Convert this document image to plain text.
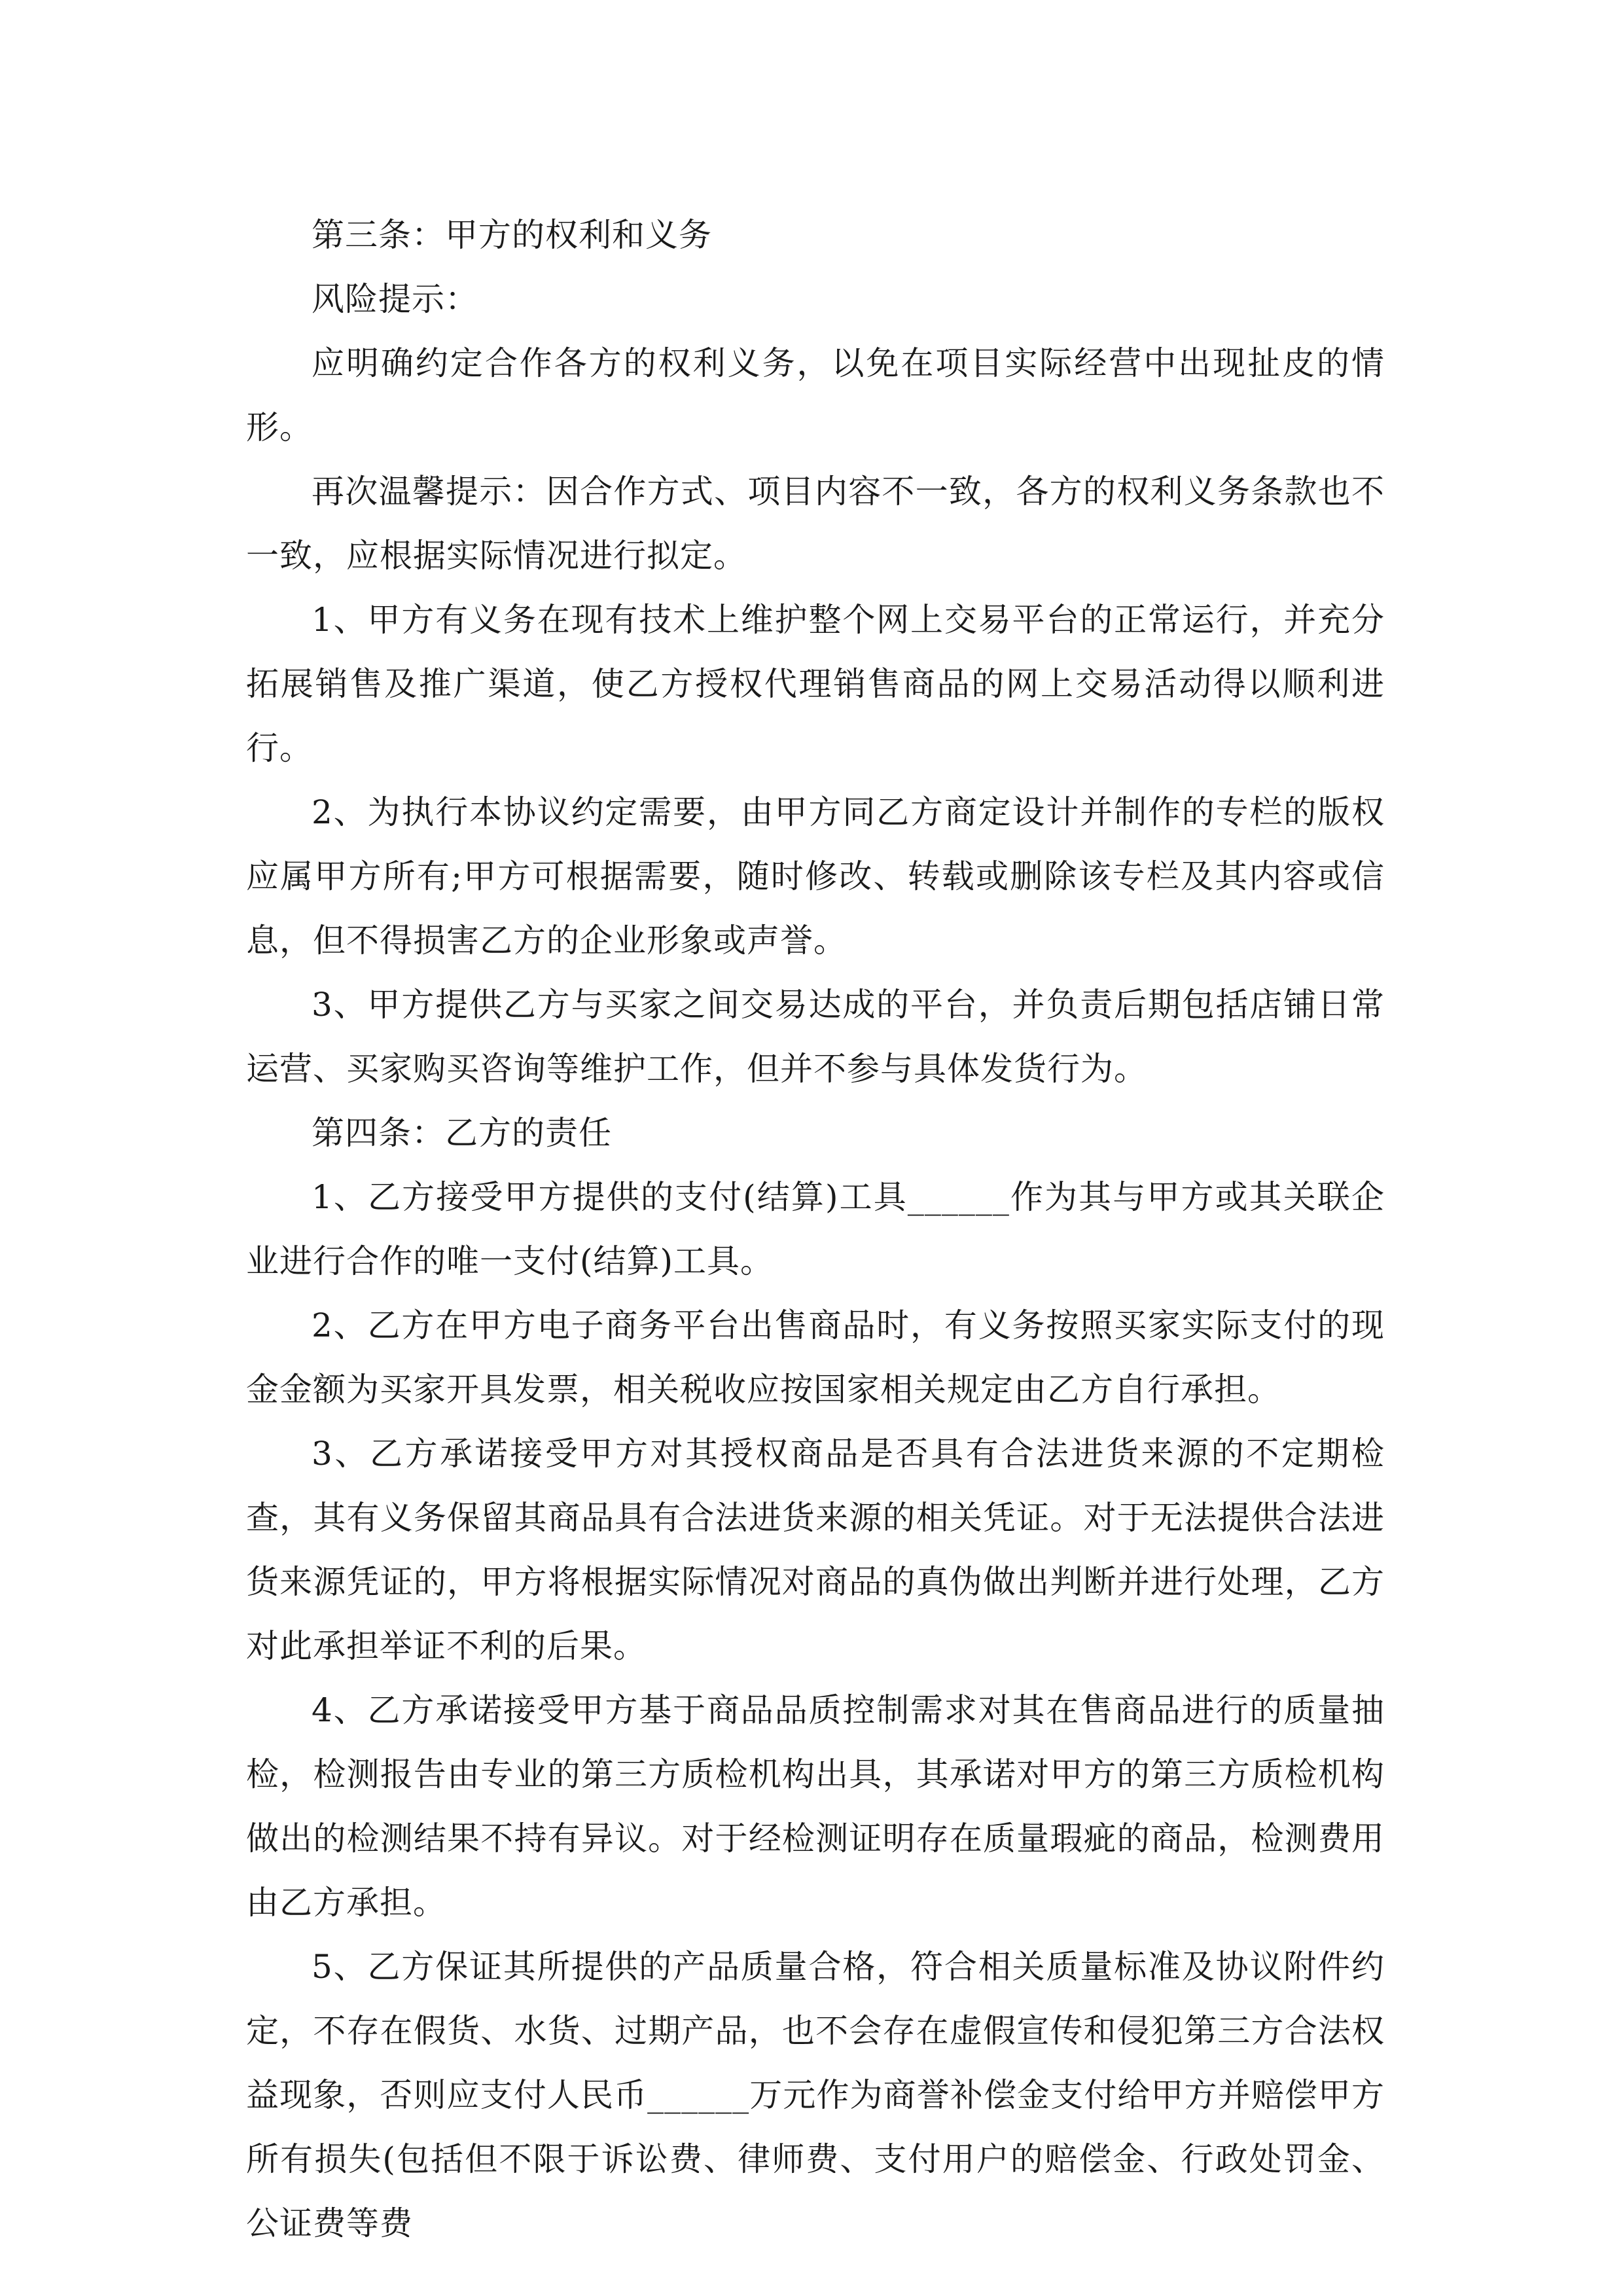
第三条：甲方的权利和义务

风险提示：

应明确约定合作各方的权利义务，以免在项目实际经营中出现扯皮的情形。

再次温馨提示：因合作方式、项目内容不一致，各方的权利义务条款也不一致，应根据实际情况进行拟定。

1、甲方有义务在现有技术上维护整个网上交易平台的正常运行，并充分拓展销售及推广渠道，使乙方授权代理销售商品的网上交易活动得以顺利进行。

2、为执行本协议约定需要，由甲方同乙方商定设计并制作的专栏的版权应属甲方所有;甲方可根据需要，随时修改、转载或删除该专栏及其内容或信息，但不得损害乙方的企业形象或声誉。

3、甲方提供乙方与买家之间交易达成的平台，并负责后期包括店铺日常运营、买家购买咨询等维护工作，但并不参与具体发货行为。

第四条：乙方的责任

1、乙方接受甲方提供的支付(结算)工具______作为其与甲方或其关联企业进行合作的唯一支付(结算)工具。

2、乙方在甲方电子商务平台出售商品时，有义务按照买家实际支付的现金金额为买家开具发票，相关税收应按国家相关规定由乙方自行承担。

3、乙方承诺接受甲方对其授权商品是否具有合法进货来源的不定期检查，其有义务保留其商品具有合法进货来源的相关凭证。对于无法提供合法进货来源凭证的，甲方将根据实际情况对商品的真伪做出判断并进行处理，乙方对此承担举证不利的后果。

4、乙方承诺接受甲方基于商品品质控制需求对其在售商品进行的质量抽检，检测报告由专业的第三方质检机构出具，其承诺对甲方的第三方质检机构做出的检测结果不持有异议。对于经检测证明存在质量瑕疵的商品，检测费用由乙方承担。

5、乙方保证其所提供的产品质量合格，符合相关质量标准及协议附件约定，不存在假货、水货、过期产品，也不会存在虚假宣传和侵犯第三方合法权益现象，否则应支付人民币______万元作为商誉补偿金支付给甲方并赔偿甲方所有损失(包括但不限于诉讼费、律师费、支付用户的赔偿金、行政处罚金、公证费等费
